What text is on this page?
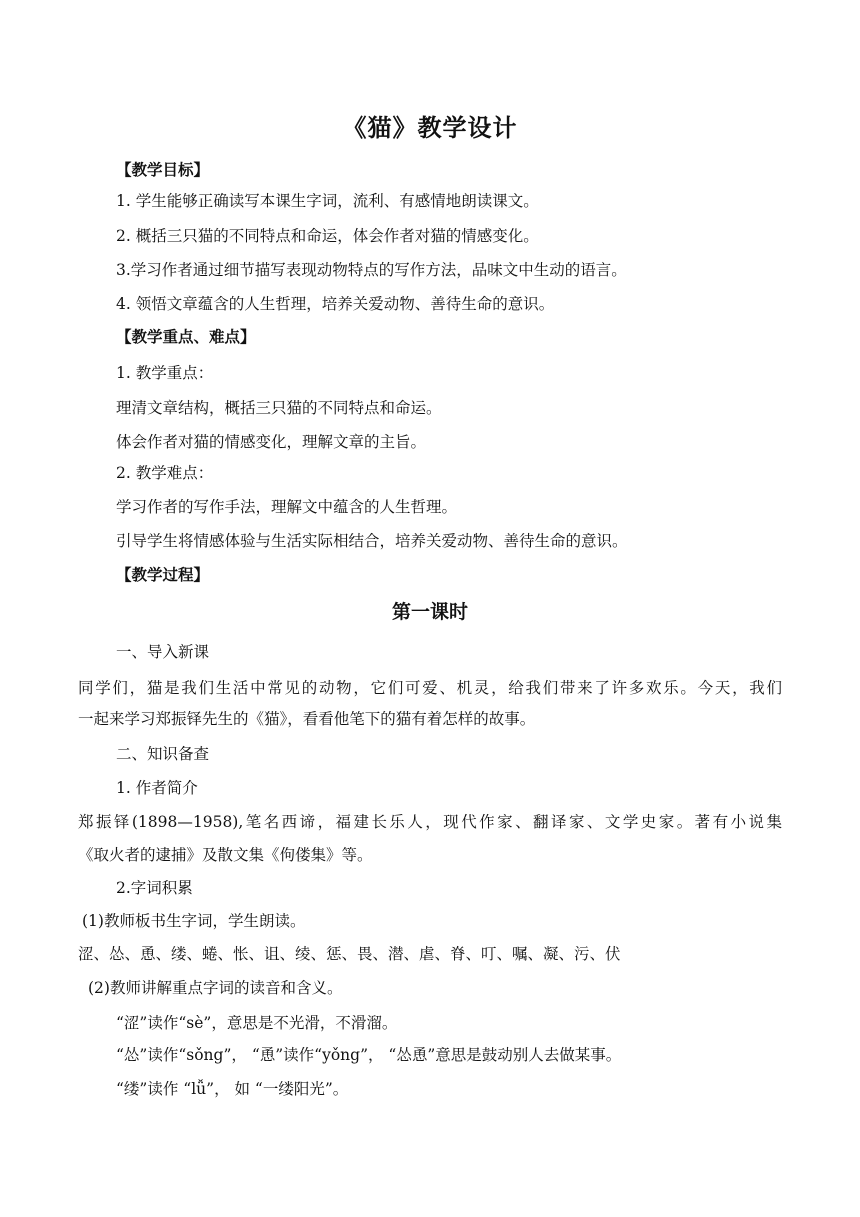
《猫》教学设计
【教学目标】
1. 学生能够正确读写本课生字词，流利、有感情地朗读课文。
2. 概括三只猫的不同特点和命运，体会作者对猫的情感变化。
3.学习作者通过细节描写表现动物特点的写作方法，品味文中生动的语言。
4. 领悟文章蕴含的人生哲理，培养关爱动物、善待生命的意识。
【教学重点、难点】
1. 教学重点：
理清文章结构，概括三只猫的不同特点和命运。
体会作者对猫的情感变化，理解文章的主旨。
2. 教学难点：
学习作者的写作手法，理解文中蕴含的人生哲理。
引导学生将情感体验与生活实际相结合，培养关爱动物、善待生命的意识。
【教学过程】
第一课时
一、导入新课
同学们，猫是我们生活中常见的动物，它们可爱、机灵，给我们带来了许多欢乐。今天，我们
一起来学习郑振铎先生的《猫》，看看他笔下的猫有着怎样的故事。
二、知识备查
1. 作者简介
郑振铎(1898—1958),笔名西谛，福建长乐人，现代作家、翻译家、文学史家。著有小说集
《取火者的逮捕》及散文集《佝偻集》等。
2.字词积累
(1)教师板书生字词，学生朗读。
涩、怂、恿、缕、蜷、怅、诅、绫、惩、畏、潜、虐、脊、叮、嘱、凝、污、伏
(2)教师讲解重点字词的读音和含义。
“涩”读作“sè”，意思是不光滑，不滑溜。
“怂”读作“sǒng”， “恿”读作“yǒng”， “怂恿”意思是鼓动别人去做某事。
“缕”读作 “lǚ”， 如 “一缕阳光”。
